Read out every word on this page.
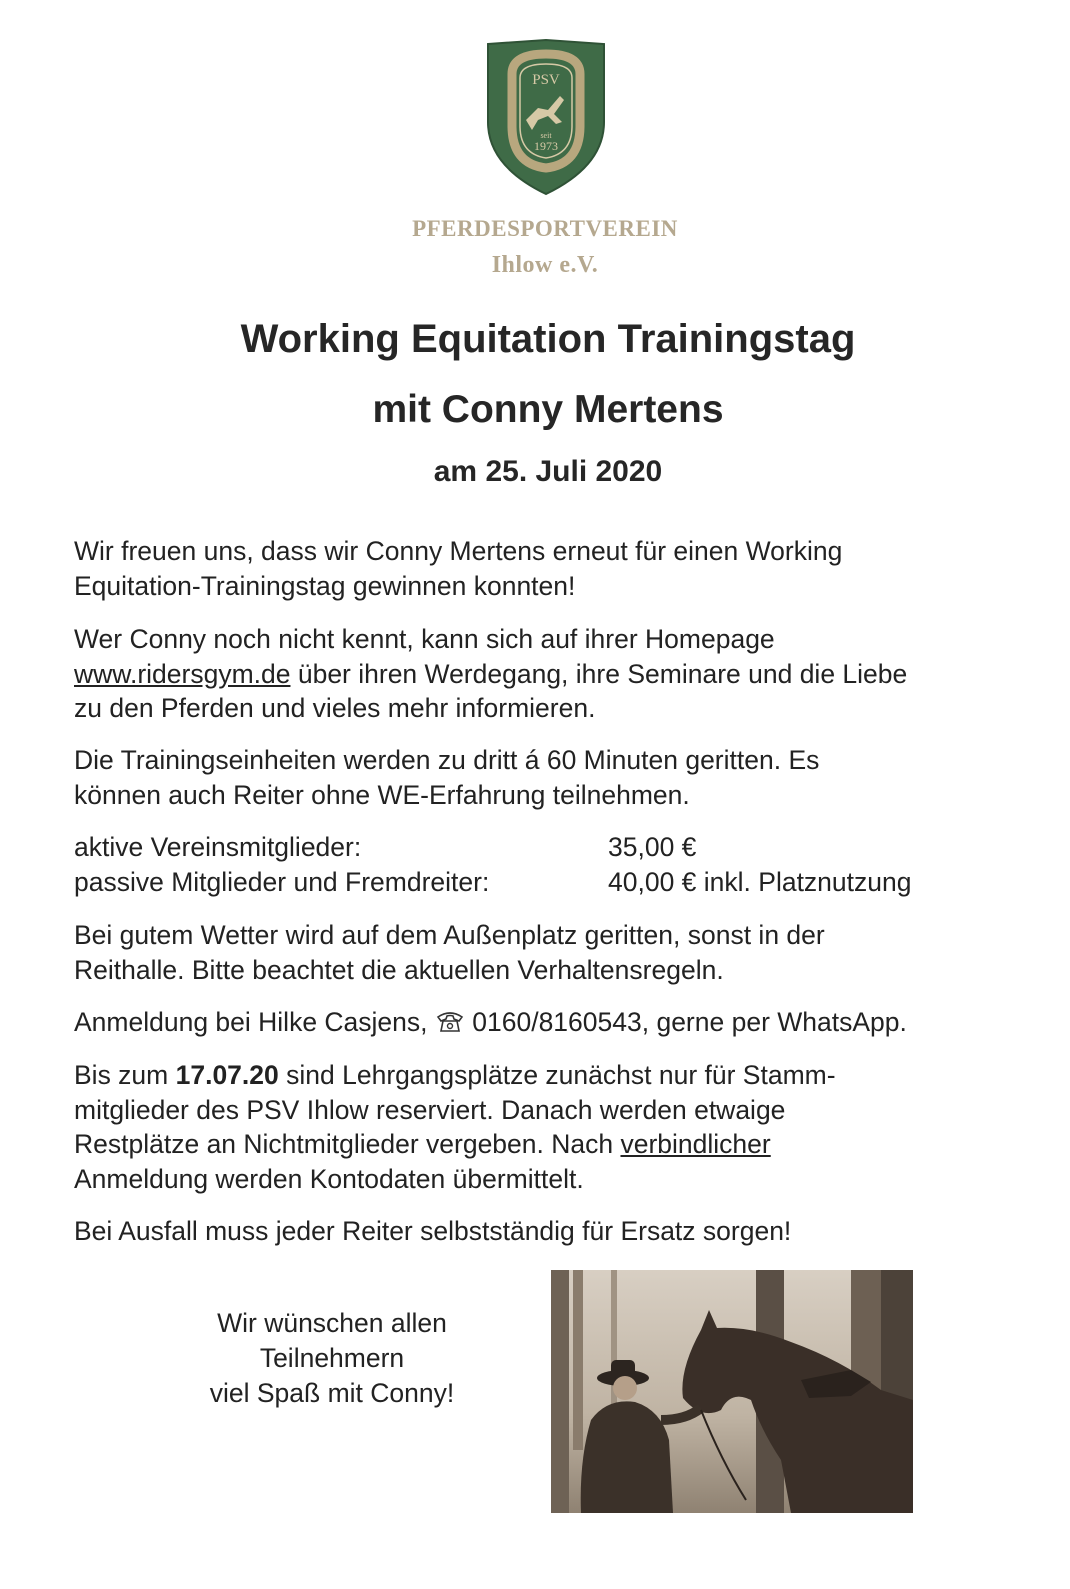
PSV
seit
1973
PFERDESPORTVEREIN
Ihlow e.V.
Working Equitation Trainingstag
mit Conny Mertens
am 25. Juli 2020
Wir freuen uns, dass wir Conny Mertens erneut für einen Working
Equitation-Trainingstag gewinnen konnten!
Wer Conny noch nicht kennt, kann sich auf ihrer Homepage
www.ridersgym.de über ihren Werdegang, ihre Seminare und die Liebe
zu den Pferden und vieles mehr informieren.
Die Trainingseinheiten werden zu dritt á 60 Minuten geritten. Es
können auch Reiter ohne WE-Erfahrung teilnehmen.
aktive Vereinsmitglieder:	35,00 €
passive Mitglieder und Fremdreiter:	40,00 € inkl. Platznutzung
Bei gutem Wetter wird auf dem Außenplatz geritten, sonst in der
Reithalle. Bitte beachtet die aktuellen Verhaltensregeln.
Anmeldung bei Hilke Casjens,  0160/8160543, gerne per WhatsApp.
Bis zum 17.07.20 sind Lehrgangsplätze zunächst nur für Stamm-
mitglieder des PSV Ihlow reserviert. Danach werden etwaige
Restplätze an Nichtmitglieder vergeben. Nach verbindlicher
Anmeldung werden Kontodaten übermittelt.
Bei Ausfall muss jeder Reiter selbstständig für Ersatz sorgen!
Wir wünschen allen
Teilnehmern
viel Spaß mit Conny!
